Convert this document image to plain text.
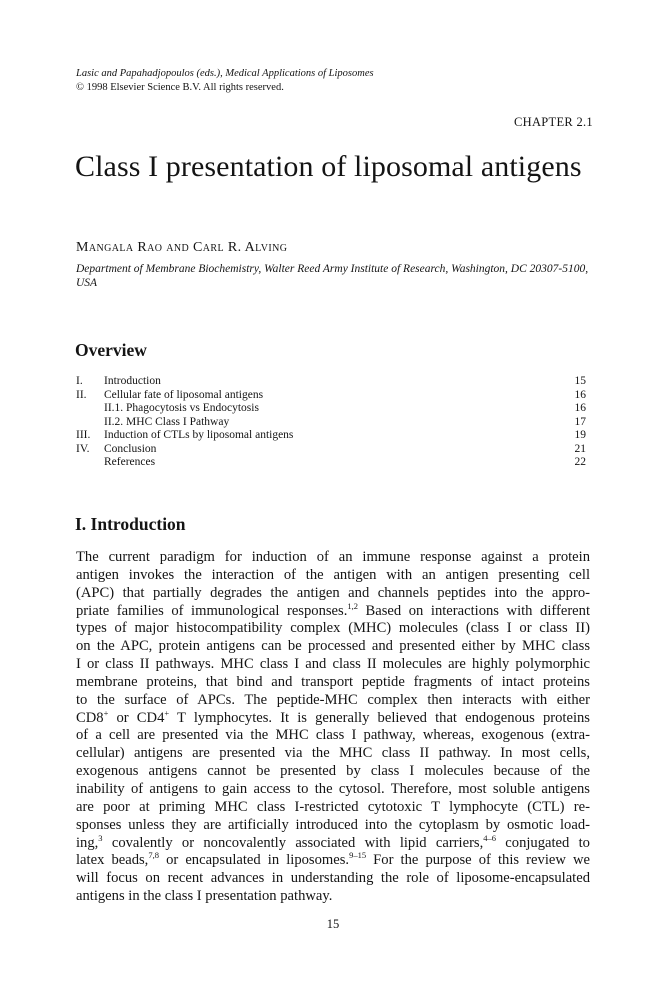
Lasic and Papahadjopoulos (eds.), Medical Applications of Liposomes
© 1998 Elsevier Science B.V. All rights reserved.
CHAPTER 2.1
Class I presentation of liposomal antigens
Mangala Rao and Carl R. Alving
Department of Membrane Biochemistry, Walter Reed Army Institute of Research, Washington, DC 20307-5100, USA
Overview
I. Introduction	15
II. Cellular fate of liposomal antigens	16
II.1. Phagocytosis vs Endocytosis	16
II.2. MHC Class I Pathway	17
III. Induction of CTLs by liposomal antigens	19
IV. Conclusion	21
References	22
I. Introduction
The current paradigm for induction of an immune response against a protein
antigen invokes the interaction of the antigen with an antigen presenting cell
(APC) that partially degrades the antigen and channels peptides into the appro-
priate families of immunological responses.$^{1,2}$ Based on interactions with different
types of major histocompatibility complex (MHC) molecules (class I or class II)
on the APC, protein antigens can be processed and presented either by MHC class
I or class II pathways. MHC class I and class II molecules are highly polymorphic
membrane proteins, that bind and transport peptide fragments of intact proteins
to the surface of APCs. The peptide-MHC complex then interacts with either
CD8+ or CD4+ T lymphocytes. It is generally believed that endogenous proteins
of a cell are presented via the MHC class I pathway, whereas, exogenous (extra-
cellular) antigens are presented via the MHC class II pathway. In most cells,
exogenous antigens cannot be presented by class I molecules because of the
inability of antigens to gain access to the cytosol. Therefore, most soluble antigens
are poor at priming MHC class I-restricted cytotoxic T lymphocyte (CTL) re-
sponses unless they are artificially introduced into the cytoplasm by osmotic load-
ing,$^3$ covalently or noncovalently associated with lipid carriers,$^{4-6}$ conjugated to
latex beads,$^{7,8}$ or encapsulated in liposomes.$^{9-15}$ For the purpose of this review we
will focus on recent advances in understanding the role of liposome-encapsulated
antigens in the class I presentation pathway.
15
